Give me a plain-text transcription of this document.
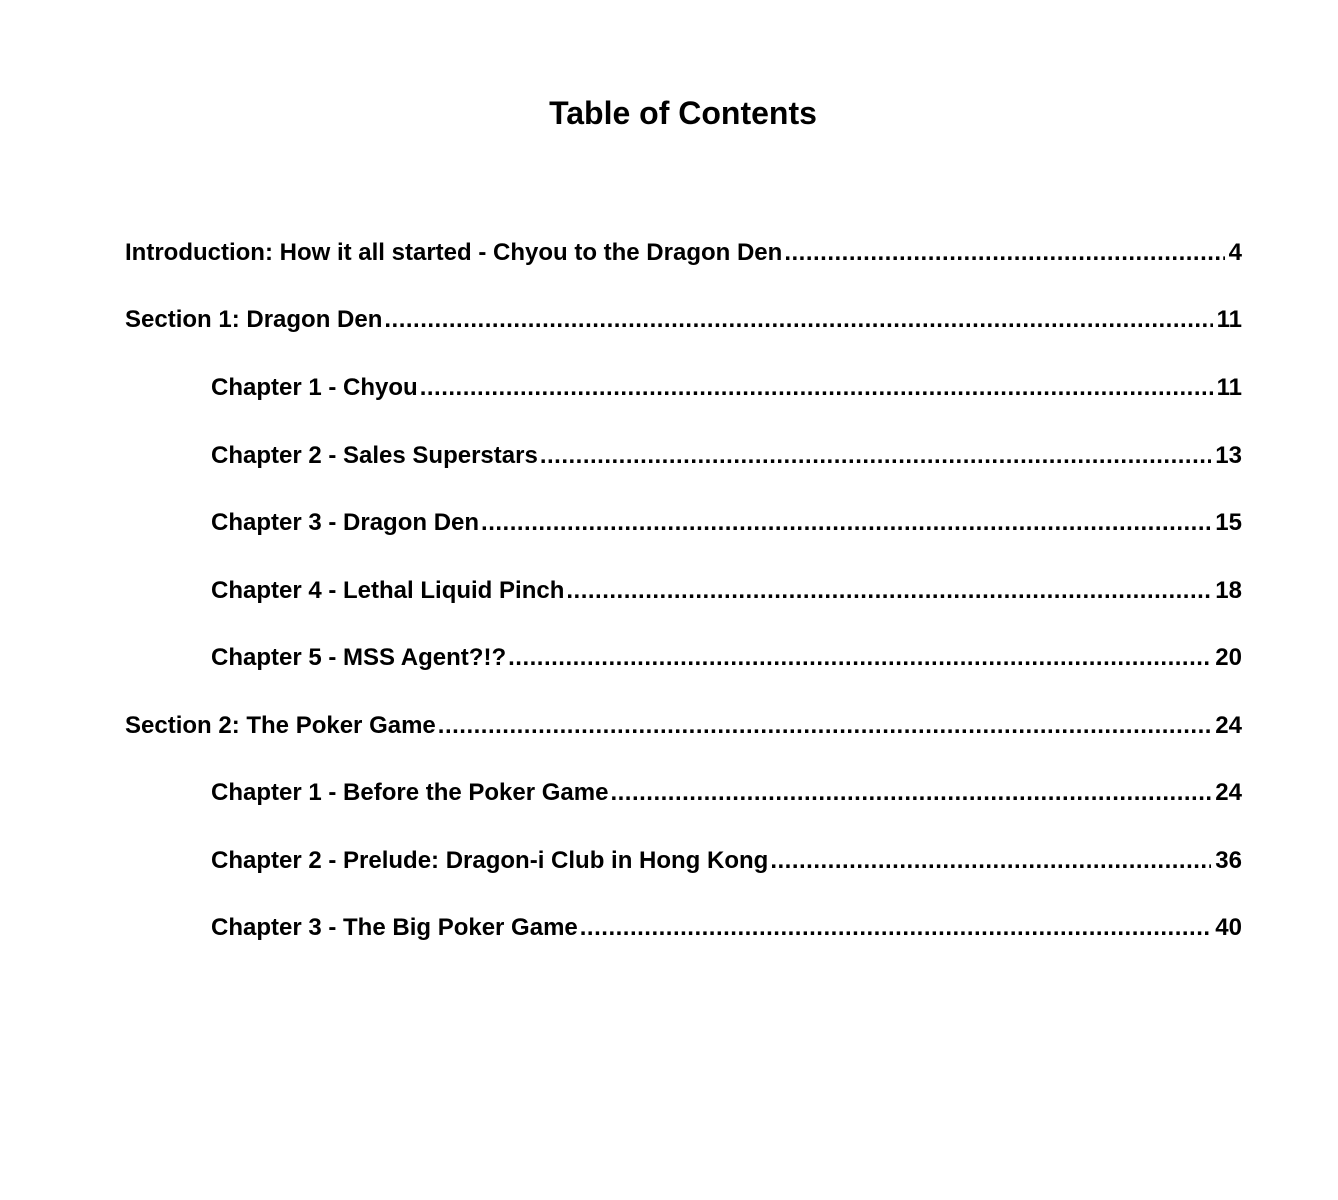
Table of Contents
Introduction: How it all started - Chyou to the Dragon Den .....	4
Section 1: Dragon Den .....	11
Chapter 1 - Chyou .....	11
Chapter 2 - Sales Superstars .....	13
Chapter 3 - Dragon Den .....	15
Chapter 4 - Lethal Liquid Pinch .....	18
Chapter 5 - MSS Agent?!? .....	20
Section 2: The Poker Game .....	24
Chapter 1 - Before the Poker Game .....	24
Chapter 2 - Prelude: Dragon-i Club in Hong Kong .....	36
Chapter 3 - The Big Poker Game .....	40
